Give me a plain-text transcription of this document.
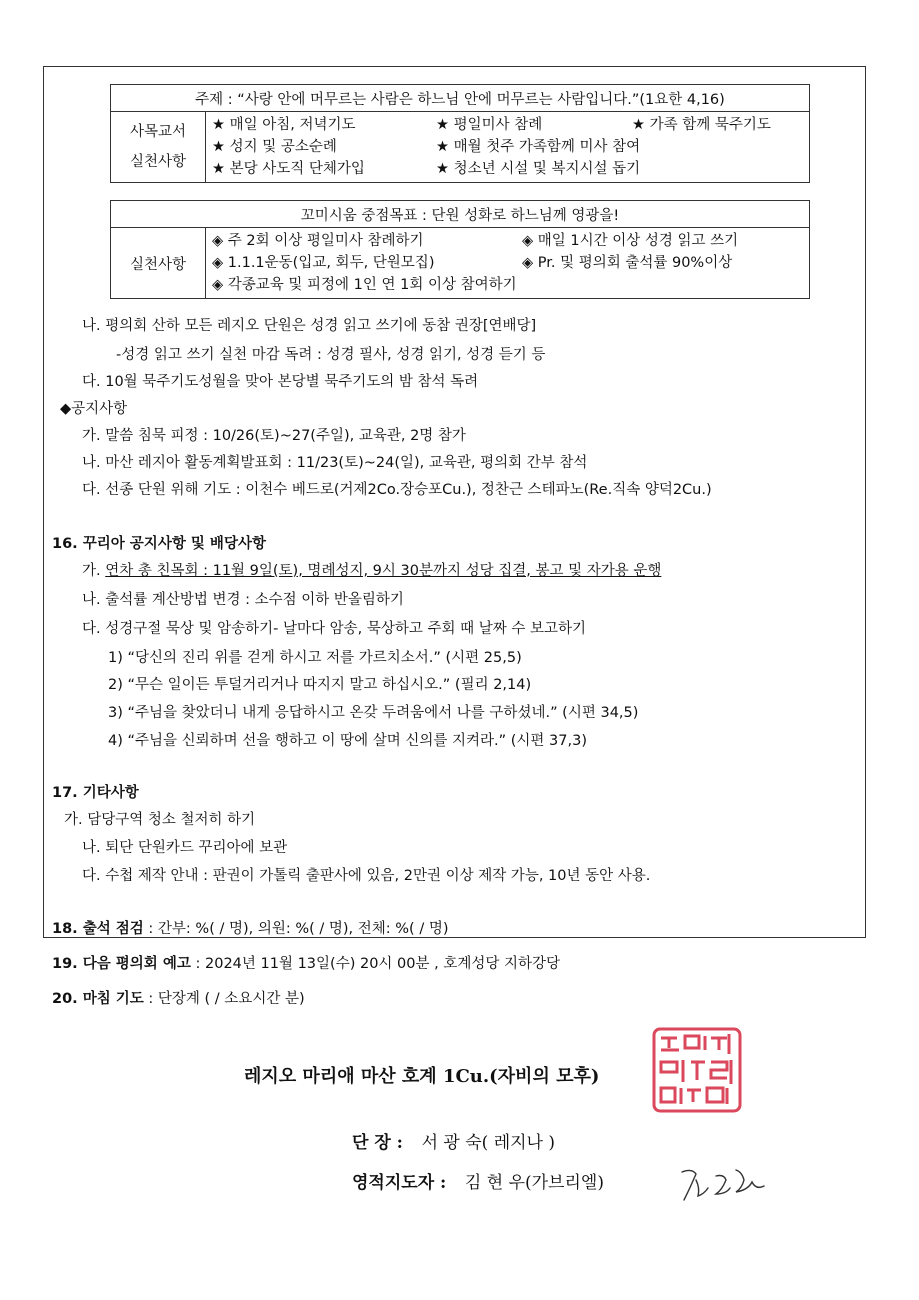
주제 : “사랑 안에 머무르는 사람은 하느님 안에 머무르는 사람입니다.”(1요한 4,16)

사목교서
실천사항

★ 매일 아침, 저녁기도	★ 평일미사 참례	★ 가족 함께 묵주기도
★ 성지 및 공소순례	★ 매월 첫주 가족함께 미사 참여
★ 본당 사도직 단체가입	★ 청소년 시설 및 복지시설 돕기
꼬미시움 중점목표 : 단원 성화로 하느님께 영광을!
실천사항	
◈ 주 2회 이상 평일미사 참례하기	◈ 매일 1시간 이상 성경 읽고 쓰기
◈ 1.1.1운동(입교, 회두, 단원모집)	◈ Pr. 및 평의회 출석률 90%이상
◈ 각종교육 및 피정에 1인 연 1회 이상 참여하기
나. 평의회 산하 모든 레지오 단원은 성경 읽고 쓰기에 동참 권장[연배당]
-성경 읽고 쓰기 실천 마감 독려 : 성경 필사, 성경 읽기, 성경 듣기 등
다. 10월 묵주기도성월을 맞아 본당별 묵주기도의 밤 참석 독려
◆공지사항
가. 말씀 침묵 피정 : 10/26(토)~27(주일), 교육관, 2명 참가
나. 마산 레지아 활동계획발표회 : 11/23(토)~24(일), 교육관, 평의회 간부 참석
다. 선종 단원 위해 기도 : 이천수 베드로(거제2Co.장승포Cu.), 정찬근 스테파노(Re.직속 양덕2Cu.)
16. 꾸리아 공지사항 및 배당사항
가. 연차 총 친목회 : 11월 9일(토), 명례성지, 9시 30분까지 성당 집결, 봉고 및 자가용 운행
나. 출석률 계산방법 변경 : 소수점 이하 반올림하기
다. 성경구절 묵상 및 암송하기- 날마다 암송, 묵상하고 주회 때 날짜 수 보고하기
1) “당신의 진리 위를 걷게 하시고 저를 가르치소서.” (시편 25,5)
2) “무슨 일이든 투덜거리거나 따지지 말고 하십시오.” (필리 2,14)
3) “주님을 찾았더니 내게 응답하시고 온갖 두려움에서 나를 구하셨네.” (시편 34,5)
4) “주님을 신뢰하며 선을 행하고 이 땅에 살며 신의를 지켜라.” (시편 37,3)
17. 기타사항
가. 담당구역 청소 철저히 하기
나. 퇴단 단원카드 꾸리아에 보관
다. 수첩 제작 안내 : 판권이 가톨릭 출판사에 있음, 2만권 이상 제작 가능, 10년 동안 사용.
18. 출석 점검 : 간부: %( / 명), 의원: %( / 명), 전체: %( / 명)
19. 다음 평의회 예고 : 2024년 11월 13일(수) 20시 00분 , 호계성당 지하강당
20. 마침 기도 : 단장계 ( / 소요시간 분)
레지오 마리애 마산 호계 1Cu.(자비의 모후)
단 장 : 서 광 숙( 레지나 )
영적지도자 : 김 현 우(가브리엘)
